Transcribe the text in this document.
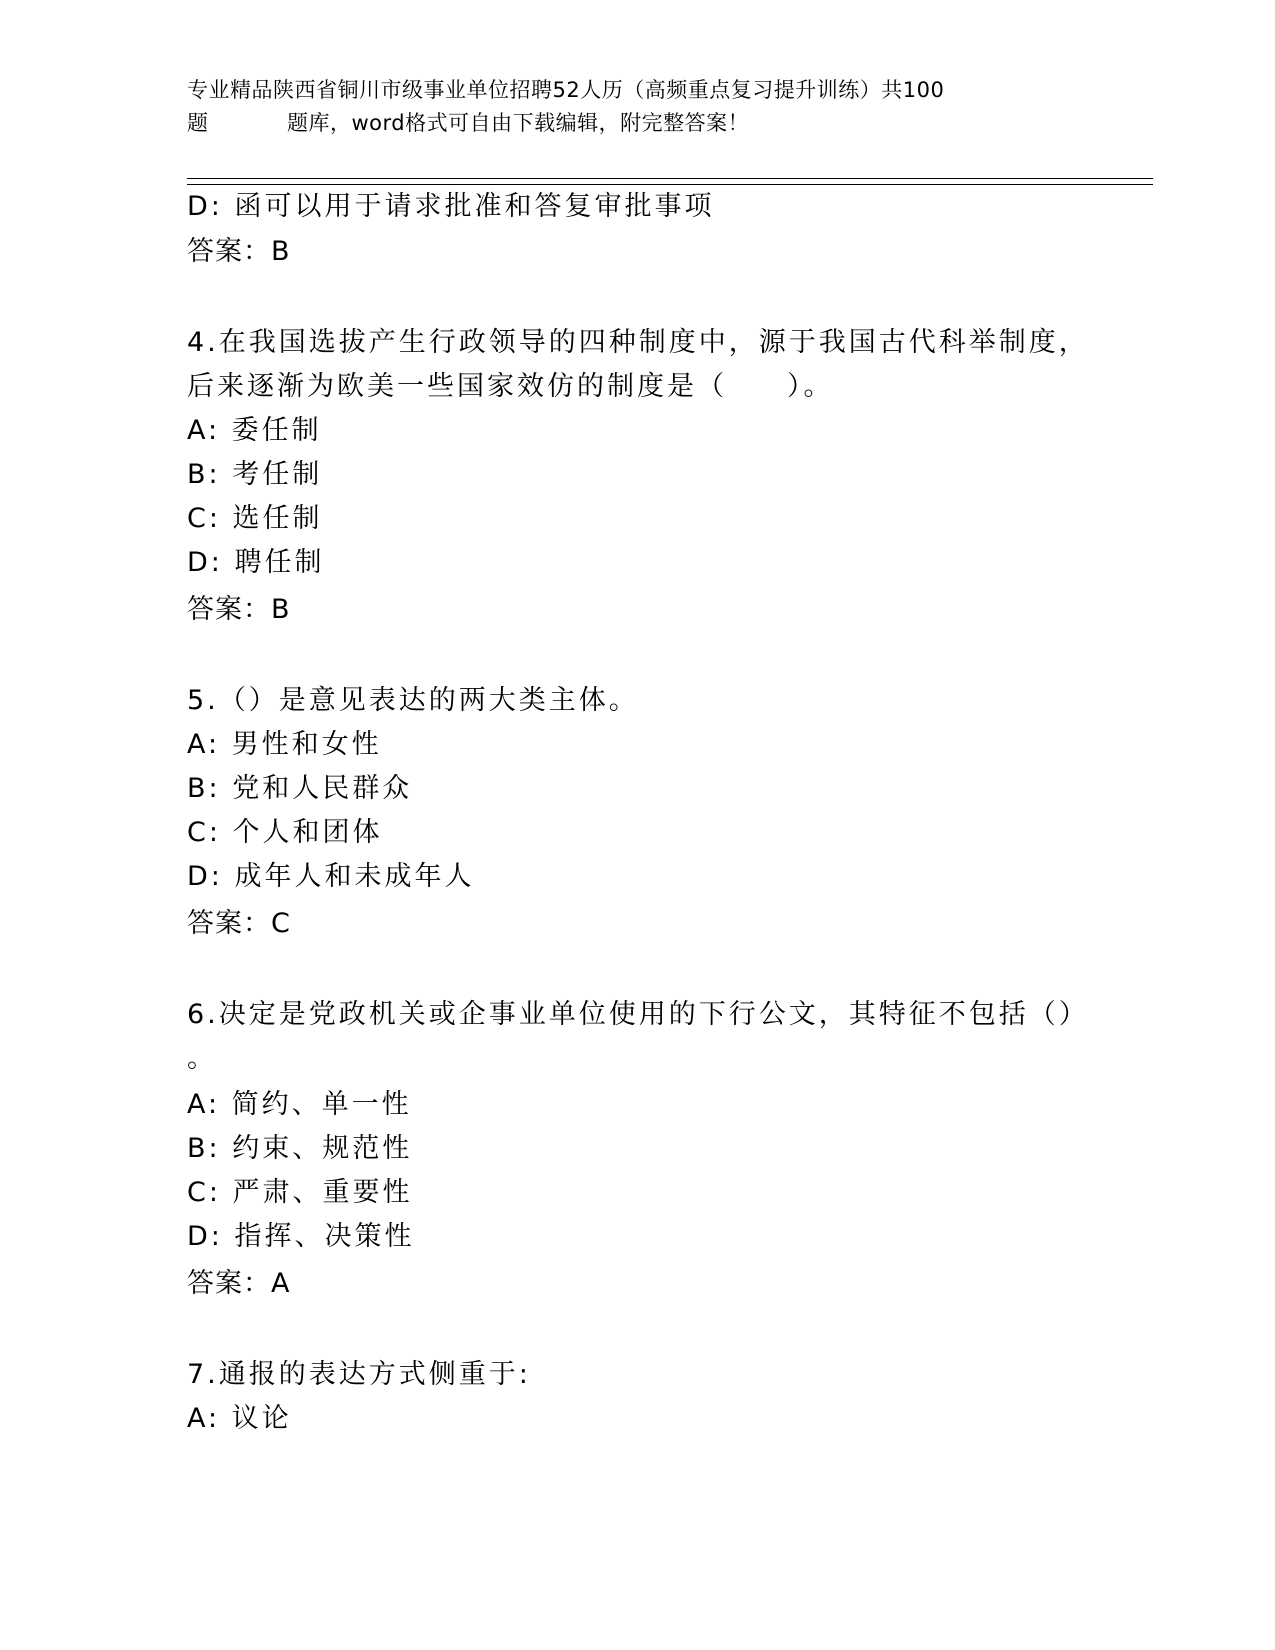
专业精品陕西省铜川市级事业单位招聘52人历（高频重点复习提升训练）共100
题	题库，word格式可自由下载编辑，附完整答案！
D: 函可以用于请求批准和答复审批事项
答案：B
4.在我国选拔产生行政领导的四种制度中，源于我国古代科举制度，
后来逐渐为欧美一些国家效仿的制度是（　　）。
A: 委任制
B: 考任制
C: 选任制
D: 聘任制
答案：B
5.（）是意见表达的两大类主体。
A: 男性和女性
B: 党和人民群众
C: 个人和团体
D: 成年人和未成年人
答案：C
6.决定是党政机关或企事业单位使用的下行公文，其特征不包括（）
。
A: 简约、单一性
B: 约束、规范性
C: 严肃、重要性
D: 指挥、决策性
答案：A
7.通报的表达方式侧重于:
A: 议论
